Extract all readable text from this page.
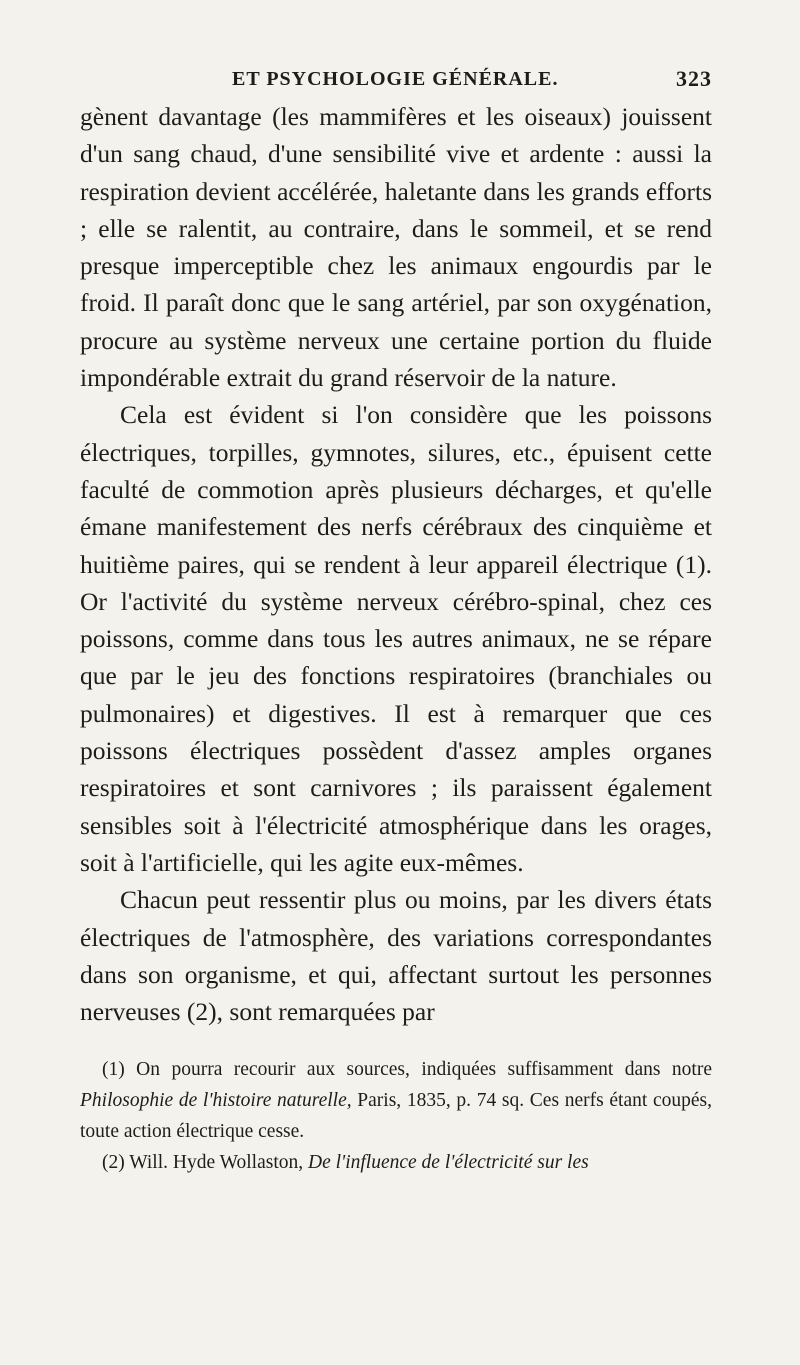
ET PSYCHOLOGIE GÉNÉRALE.	323

gènent davantage (les mammifères et les oiseaux) jouissent d'un sang chaud, d'une sensibilité vive et ardente : aussi la respiration devient accélérée, haletante dans les grands efforts ; elle se ralentit, au contraire, dans le sommeil, et se rend presque imperceptible chez les animaux engourdis par le froid. Il paraît donc que le sang artériel, par son oxygénation, procure au système nerveux une certaine portion du fluide impondérable extrait du grand réservoir de la nature.

Cela est évident si l'on considère que les poissons électriques, torpilles, gymnotes, silures, etc., épuisent cette faculté de commotion après plusieurs décharges, et qu'elle émane manifestement des nerfs cérébraux des cinquième et huitième paires, qui se rendent à leur appareil électrique (1). Or l'activité du système nerveux cérébro-spinal, chez ces poissons, comme dans tous les autres animaux, ne se répare que par le jeu des fonctions respiratoires (branchiales ou pulmonaires) et digestives. Il est à remarquer que ces poissons électriques possèdent d'assez amples organes respiratoires et sont carnivores ; ils paraissent également sensibles soit à l'électricité atmosphérique dans les orages, soit à l'artificielle, qui les agite eux-mêmes.

Chacun peut ressentir plus ou moins, par les divers états électriques de l'atmosphère, des variations correspondantes dans son organisme, et qui, affectant surtout les personnes nerveuses (2), sont remarquées par

(1) On pourra recourir aux sources, indiquées suffisamment dans notre Philosophie de l'histoire naturelle, Paris, 1835, p. 74 sq. Ces nerfs étant coupés, toute action électrique cesse.

(2) Will. Hyde Wollaston, De l'influence de l'électricité sur les
